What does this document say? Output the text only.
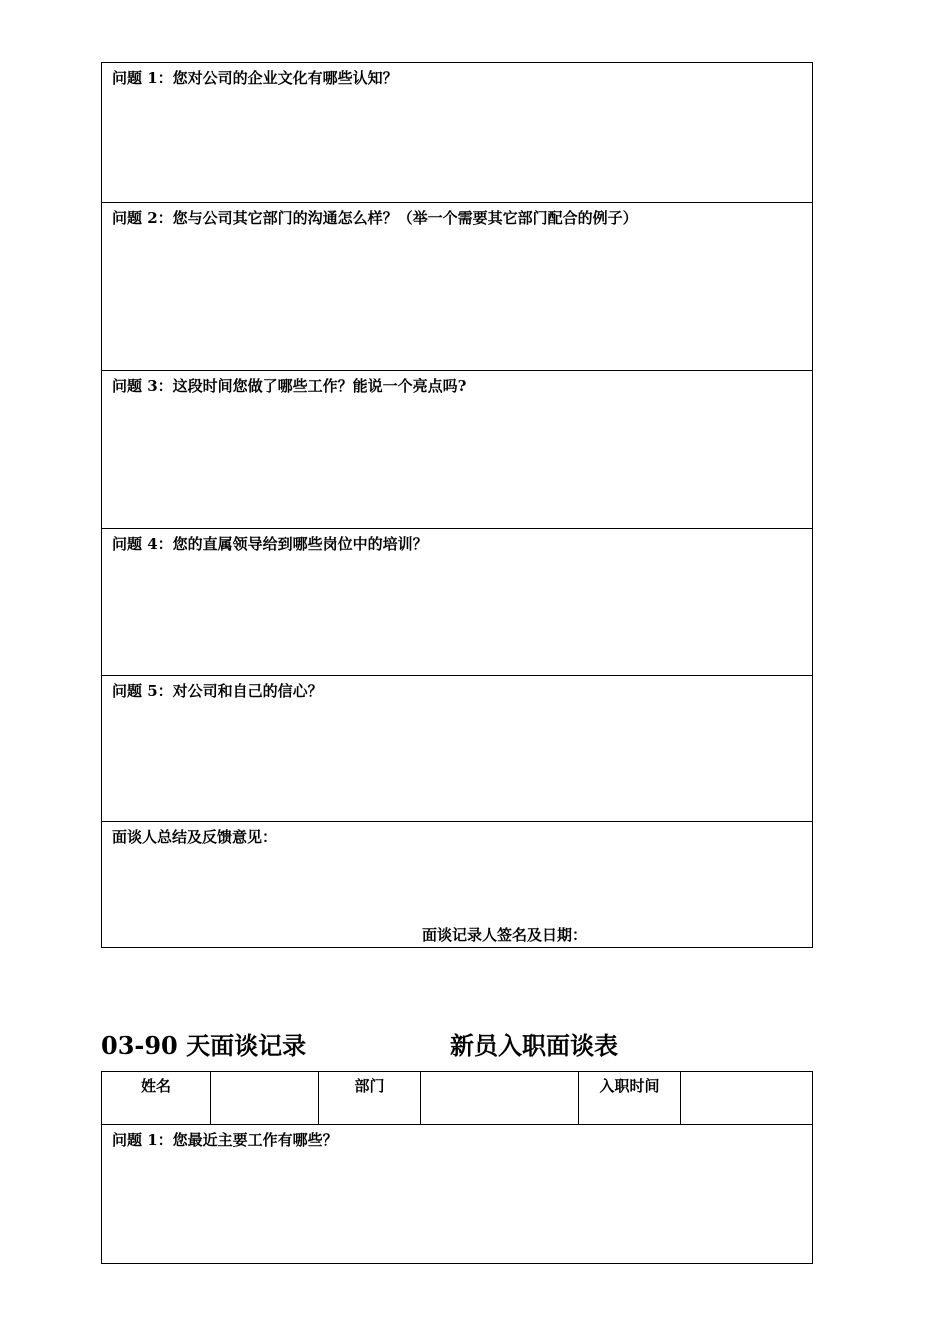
问题 1：您对公司的企业文化有哪些认知？
问题 2：您与公司其它部门的沟通怎么样？（举一个需要其它部门配合的例子）
问题 3：这段时间您做了哪些工作？能说一个亮点吗?
问题 4：您的直属领导给到哪些岗位中的培训？
问题 5：对公司和自己的信心？
面谈人总结及反馈意见：
面谈记录人签名及日期：
03-90 天面谈记录	新员入职面谈表
姓名	部门	入职时间
问题 1：您最近主要工作有哪些？
